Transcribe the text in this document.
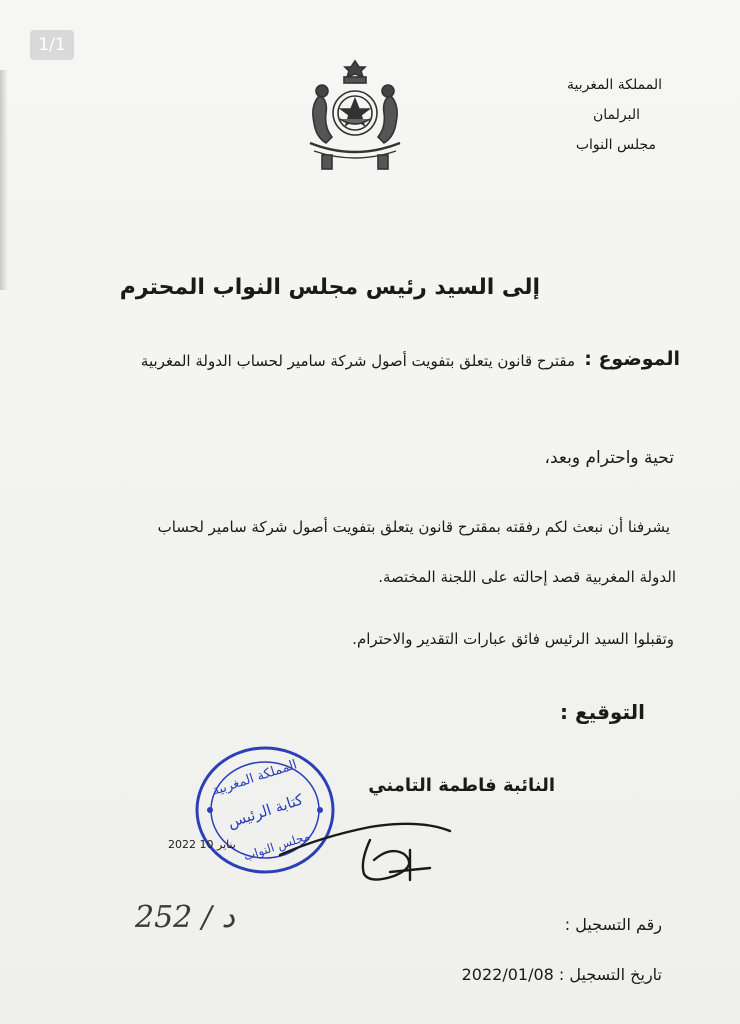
1/1
المملكة المغربية
البرلمان
مجلس النواب
إلى السيد رئيس مجلس النواب المحترم
الموضوع :
مقترح قانون يتعلق بتفويت أصول شركة سامير لحساب الدولة المغربية
تحية واحترام وبعد،
يشرفنا أن نبعث لكم رفقته بمقترح قانون يتعلق بتفويت أصول شركة سامير لحساب
الدولة المغربية قصد إحالته على اللجنة المختصة.
وتقبلوا السيد الرئيس فائق عبارات التقدير والاحترام.
التوقيع :
النائبة فاطمة التامني
المملكة المغربية
كتابة الرئيس
مجلس النواب
2022 يناير 10
252 / د	رقم التسجيل :
تاريخ التسجيل : 2022/01/08
